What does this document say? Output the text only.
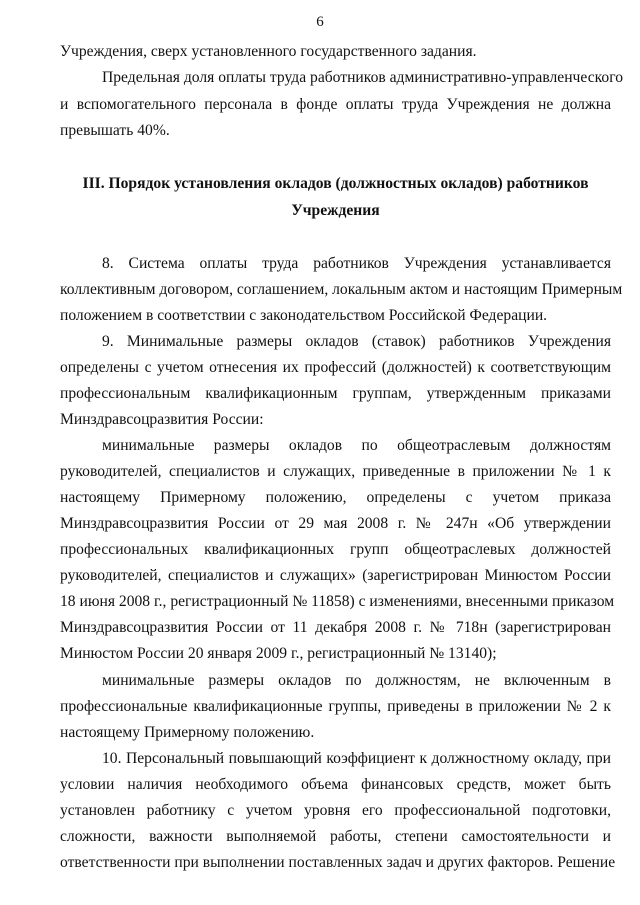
6
Учреждения, сверх установленного государственного задания.
Предельная доля оплаты труда работников административно-управленческого
и вспомогательного персонала в фонде оплаты труда Учреждения не должна
превышать 40%.
III. Порядок установления окладов (должностных окладов) работников
Учреждения
8. Система оплаты труда работников Учреждения устанавливается
коллективным договором, соглашением, локальным актом и настоящим Примерным
положением в соответствии с законодательством Российской Федерации.
9. Минимальные размеры окладов (ставок) работников Учреждения
определены с учетом отнесения их профессий (должностей) к соответствующим
профессиональным квалификационным группам, утвержденным приказами
Минздравсоцразвития России:
минимальные размеры окладов по общеотраслевым должностям
руководителей, специалистов и служащих, приведенные в приложении № 1 к
настоящему Примерному положению, определены с учетом приказа
Минздравсоцразвития России от 29 мая 2008 г. № 247н «Об утверждении
профессиональных квалификационных групп общеотраслевых должностей
руководителей, специалистов и служащих» (зарегистрирован Минюстом России
18 июня 2008 г., регистрационный № 11858) с изменениями, внесенными приказом
Минздравсоцразвития России от 11 декабря 2008 г. № 718н (зарегистрирован
Минюстом России 20 января 2009 г., регистрационный № 13140);
минимальные размеры окладов по должностям, не включенным в
профессиональные квалификационные группы, приведены в приложении № 2 к
настоящему Примерному положению.
10. Персональный повышающий коэффициент к должностному окладу, при
условии наличия необходимого объема финансовых средств, может быть
установлен работнику с учетом уровня его профессиональной подготовки,
сложности, важности выполняемой работы, степени самостоятельности и
ответственности при выполнении поставленных задач и других факторов. Решение
